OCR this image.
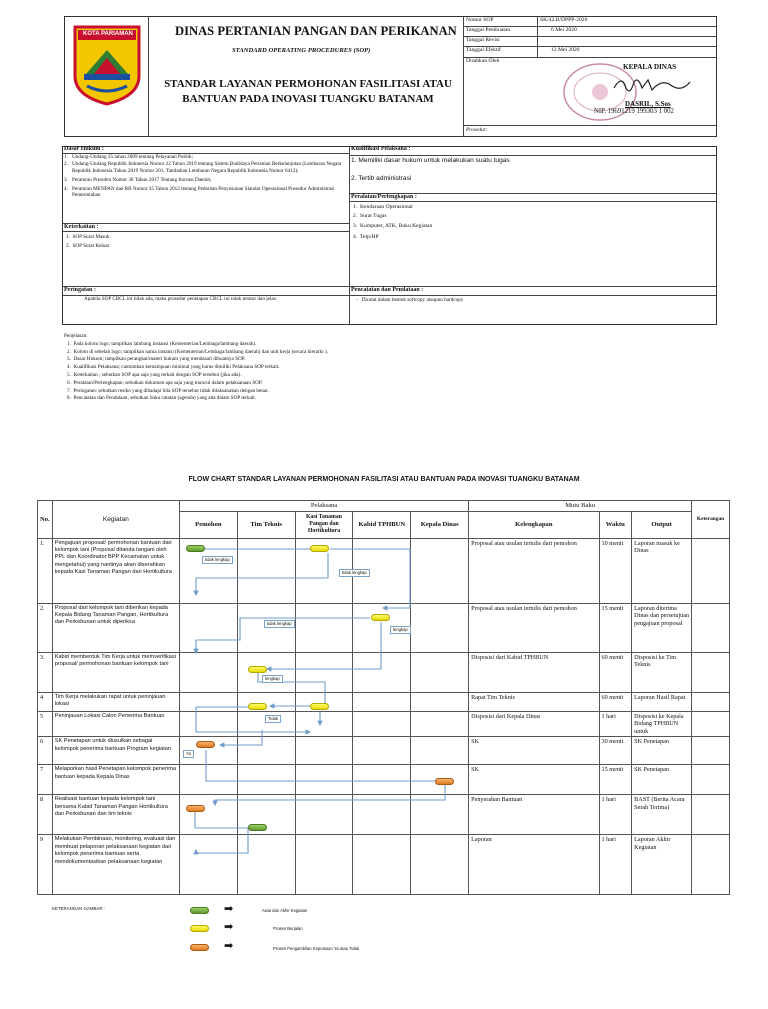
KOTA PARIAMAN	DINAS PERTANIAN PANGAN DAN PERIKANAN
STANDARD OPERATING PROCEDURES (SOP)
STANDAR LAYANAN PERMOHONAN FASILITASI ATAU
BANTUAN PADA INOVASI TUANGKU BATANAM
Nomor SOP	SK/42.B/DPPP-2020
Tanggal Pembuatan	6 Mei 2020
Tanggal Revisi
Tanggal Efektif	12 Mei 2020
Disahkan Oleh
KEPALA DINAS
DASRIL, S.Sos
NIP. 19691219 199303 1 002
Prosedur:
Dasar Hukum :
1. Undang-Undang 25 tahun 2009 tentang Pelayanan Publik;
2. Undang-Undang Republik Indonesia Nomor 22 Tahun 2019 tentang Sistem Budidaya Pertanian Berkelanjutan (Lembaran Negara Republik Indonesia Tahun 2019 Nomor 201, Tambahan Lembaran Negara Republik Indonesia Nomor 6412);
3. Peraturan Presiden Nomor 38 Tahun 2017 Tentang Inovasi Daerah;
4. Peraturan MENPAN dan RB Nomor 35 Tahun 2012 tentang Pedoman Penyusunan Standar Operasional Prosedur Administrasi Pemerintahan
Keterkaitan :
1.  SOP Surat Masuk
2.  SOP Surat Keluar
Peringatan :
Apabila SOP CBCL ini tidak ada, maka prosedur penetapan CBCL ini tidak teratur dan jelas.
Kualifikasi Pelaksana :
1. Memiliki dasar hukum untuk melakukan suatu tugas
2. Tertib administrasi
Peralatan/Perlengkapan :
1.  Kendaraan Operasional
2.  Surat Tugas
3.  Komputer, ATK, Buku Kegiatan
4.  Telp/HP
Pencatatan dan Pendataan :
-   Dicatat dalam bentuk softcopy ataupun hardcopy
Penjelasan:
1.  Pada kolom logo; tampilkan lambang instansi (Kementerian/Lembaga/lambang daerah).
2.  Kolom di sebelah logo; tampilkan nama instansi (Kementerian/Lembaga/lambang daerah) dan unit kerja (secara hierarki ).
3.  Dasar Hukum; tampilkan perangkat/materi hukum yang mendasari dibuatnya SOP.
4.  Kualifikasi Pelaksana; cantumkan kemampuan minimal yang harus dimiliki Pelaksana SOP terkait.
5.  Keterkaitan ; sebutkan SOP apa saja yang terkait dengan SOP tersebut (jika ada).
6.  Peralatan/Perlengkapan; sebutkan dokumen apa saja yang muncul dalam pelaksanaan SOP.
7.  Peringatan: sebutkan resiko yang dihadapi bila SOP tersebut tidak dilaksanakan dengan benar.
8.  Pencatatan dan Pendataan; sebutkan buku catatan (agenda) yang ada dalam SOP terkait.
FLOW CHART STANDAR LAYANAN PERMOHONAN FASILITASI ATAU BANTUAN PADA INOVASI TUANGKU BATANAM
No.	Kegiatan	Pelaksana					Mutu Baku			Keterangan
		Pemohon	Tim Teknis	Kasi Tanaman Pangan dan Hortikultura	Kabid TPHBUN	Kepala Dinas	Kelengkapan	Waktu	Output	
1.	Pengajuan proposal/ permohonan bantuan dari kelompok tani (Proposal ditanda tangani oleh PPL dan Koordinator BPP Kecamatan untuk mengetahui) yang nantinya akan diserahkan kepada Kasi Tanaman Pangan dan Hortikultura						Proposal atau usulan tertulis dari pemohon	10 menit	Laporan masuk ke Dinas	
2.	Proposal dari kelompok tani diberikan kepada Kepala Bidang Tanaman Pangan, Hortikultura dan Perkebunan untuk diperiksa						Proposal atau usulan tertulis dari pemohon	15 menit	Laporan diterima Dinas dan persetujuan pengajuan proposal	
3.	Kabid membentuk Tim Kerja untuk memverifikasi proposal/ permohonan bantuan kelompok tani						Disposisi dari Kabid TPHBUN	60 menit	Disposisi ke Tim Teknis	
4	Tim Kerja melakukan rapat untuk peninjauan lokasi						Rapat Tim Teknis	60 menit	Laporan Hasil Rapat	
5	Peninjauan Lokasi Calon Penerima Bantuan						Disposisi dari Kepala Dinas	1 hari	Disposisi ke Kepala Bidang TPHBUN untuk	
6	SK Penetapan untuk diusulkan sebagai kelompok penerima bantuan Program kegiatan						SK	30 menit	SK Penetapan	
7	Melaporkan hasil Penetapan kelompok penerima bantuan kepada Kepala Dinas						SK	15 menit	SK Penetapan	
8	Realisasi bantuan kepada kelompok tani bersama Kabid Tanaman Pangan Hortikultura dan Perkebunan dan tim teknis						Penyerahan Bantuan	1 hari	BAST (Berita Acara Serah Terima)	
9	Melakukan Pembinaan, monitoring, evaluasi dan membuat pelaporan pelaksanaan kegiatan dari kelompok penerima bantuan serta mendokumentasikan pelaksanaan kegiatan						Laporan	1 hari	Laporan Akhir Kegiatan	
tidak lengkap
tidak lengkap
tidak lengkap
lengkap
lengkap
Tidak
Ya
KETERANGAN GAMBAR :	➡	Awal dan Akhir Kegiatan
➡	Proses Berjalan
➡	Proses Pengambilan Keputusan Ya atau Tidak
